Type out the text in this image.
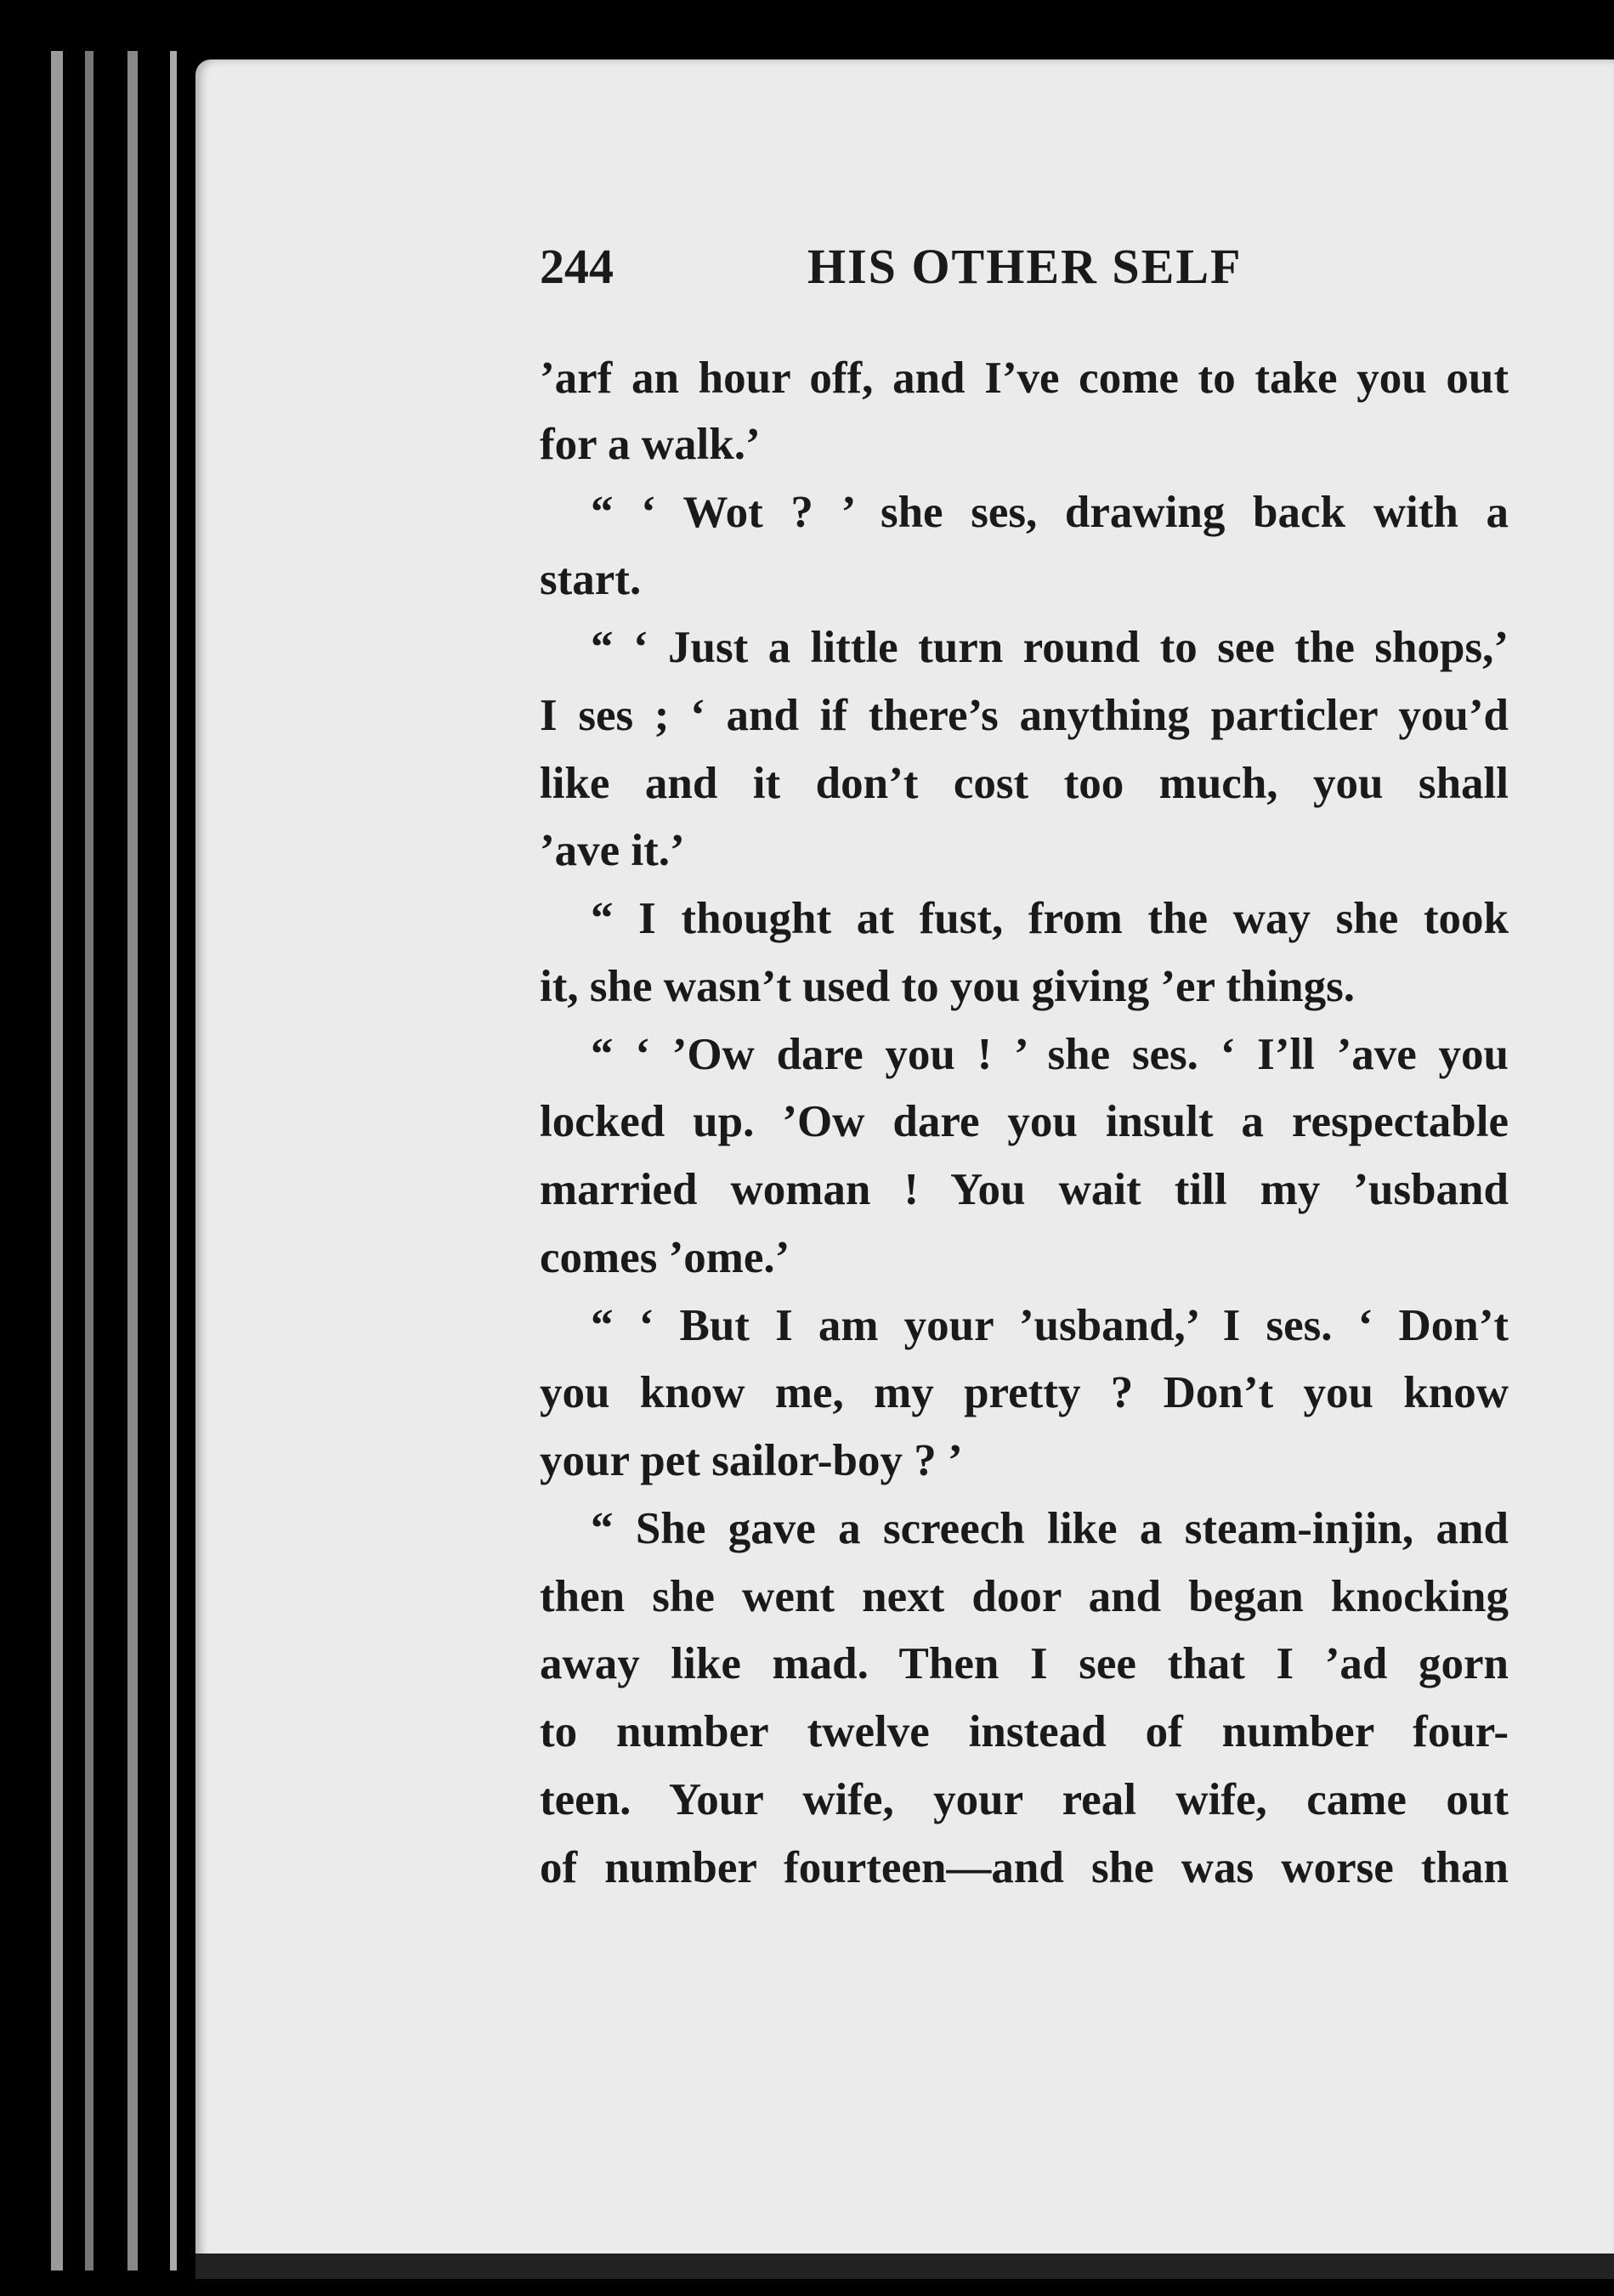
244	HIS OTHER SELF
’arf an hour off, and I’ve come to take you out
for a walk.’
“ ‘ Wot ? ’ she ses, drawing back with a
start.
“ ‘ Just a little turn round to see the shops,’
I ses ; ‘ and if there’s anything particler you’d
like and it don’t cost too much, you shall
’ave it.’
“ I thought at fust, from the way she took
it, she wasn’t used to you giving ’er things.
“ ‘ ’Ow dare you ! ’ she ses. ‘ I’ll ’ave you
locked up. ’Ow dare you insult a respectable
married woman ! You wait till my ’usband
comes ’ome.’
“ ‘ But I am your ’usband,’ I ses. ‘ Don’t
you know me, my pretty ? Don’t you know
your pet sailor-boy ? ’
“ She gave a screech like a steam-injin, and
then she went next door and began knocking
away like mad. Then I see that I ’ad gorn
to number twelve instead of number four-
teen. Your wife, your real wife, came out
of number fourteen—and she was worse than
